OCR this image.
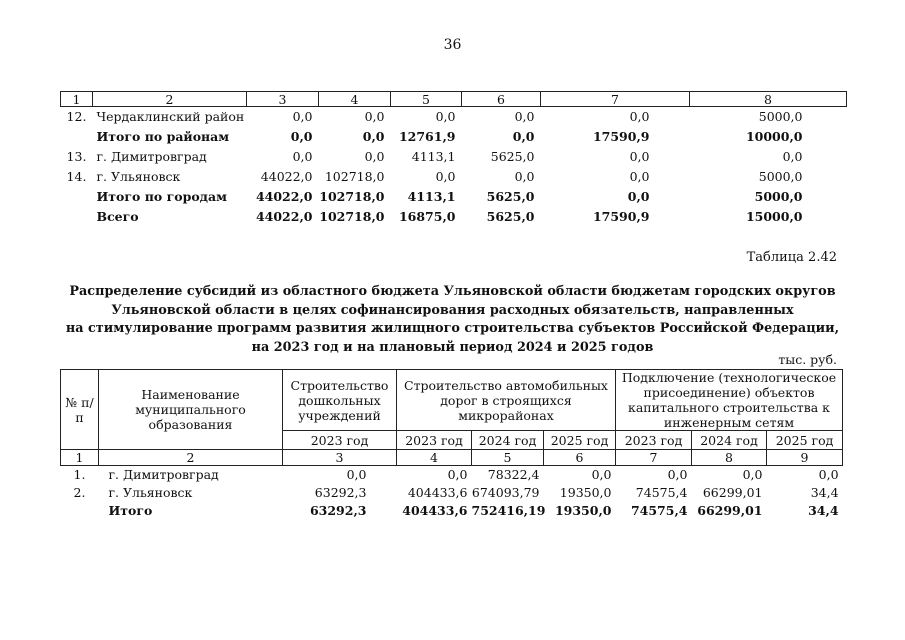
36
1	2	3	4	5	6	7	8
12.	Чердаклинский район	0,0	0,0	0,0	0,0	0,0	5000,0
	Итого по районам	0,0	0,0	12761,9	0,0	17590,9	10000,0
13.	г. Димитровград	0,0	0,0	4113,1	5625,0	0,0	0,0
14.	г. Ульяновск	44022,0	102718,0	0,0	0,0	0,0	5000,0
	Итого по городам	44022,0	102718,0	4113,1	5625,0	0,0	5000,0
	Всего	44022,0	102718,0	16875,0	5625,0	17590,9	15000,0
Таблица 2.42
Распределение субсидий из областного бюджета Ульяновской области бюджетам городских округов
Ульяновской области в целях софинансирования расходных обязательств, направленных
на стимулирование программ развития жилищного строительства субъектов Российской Федерации,
на 2023 год и на плановый период 2024 и 2025 годов
тыс. руб.
№ п/п	Наименование муниципального образования	Строительство дошкольных учреждений	Строительство автомобильных дорог в строящихся микрорайонах			Подключение (технологическое присоединение) объектов капитального строительства к инженерным сетям		
		2023 год	2023 год	2024 год	2025 год	2023 год	2024 год	2025 год
1	2	3	4	5	6	7	8	9
1.	г. Димитровград	0,0	0,0	78322,4	0,0	0,0	0,0	0,0
2.	г. Ульяновск	63292,3	404433,6	674093,79	19350,0	74575,4	66299,01	34,4
	Итого	63292,3	404433,6	752416,19	19350,0	74575,4	66299,01	34,4
